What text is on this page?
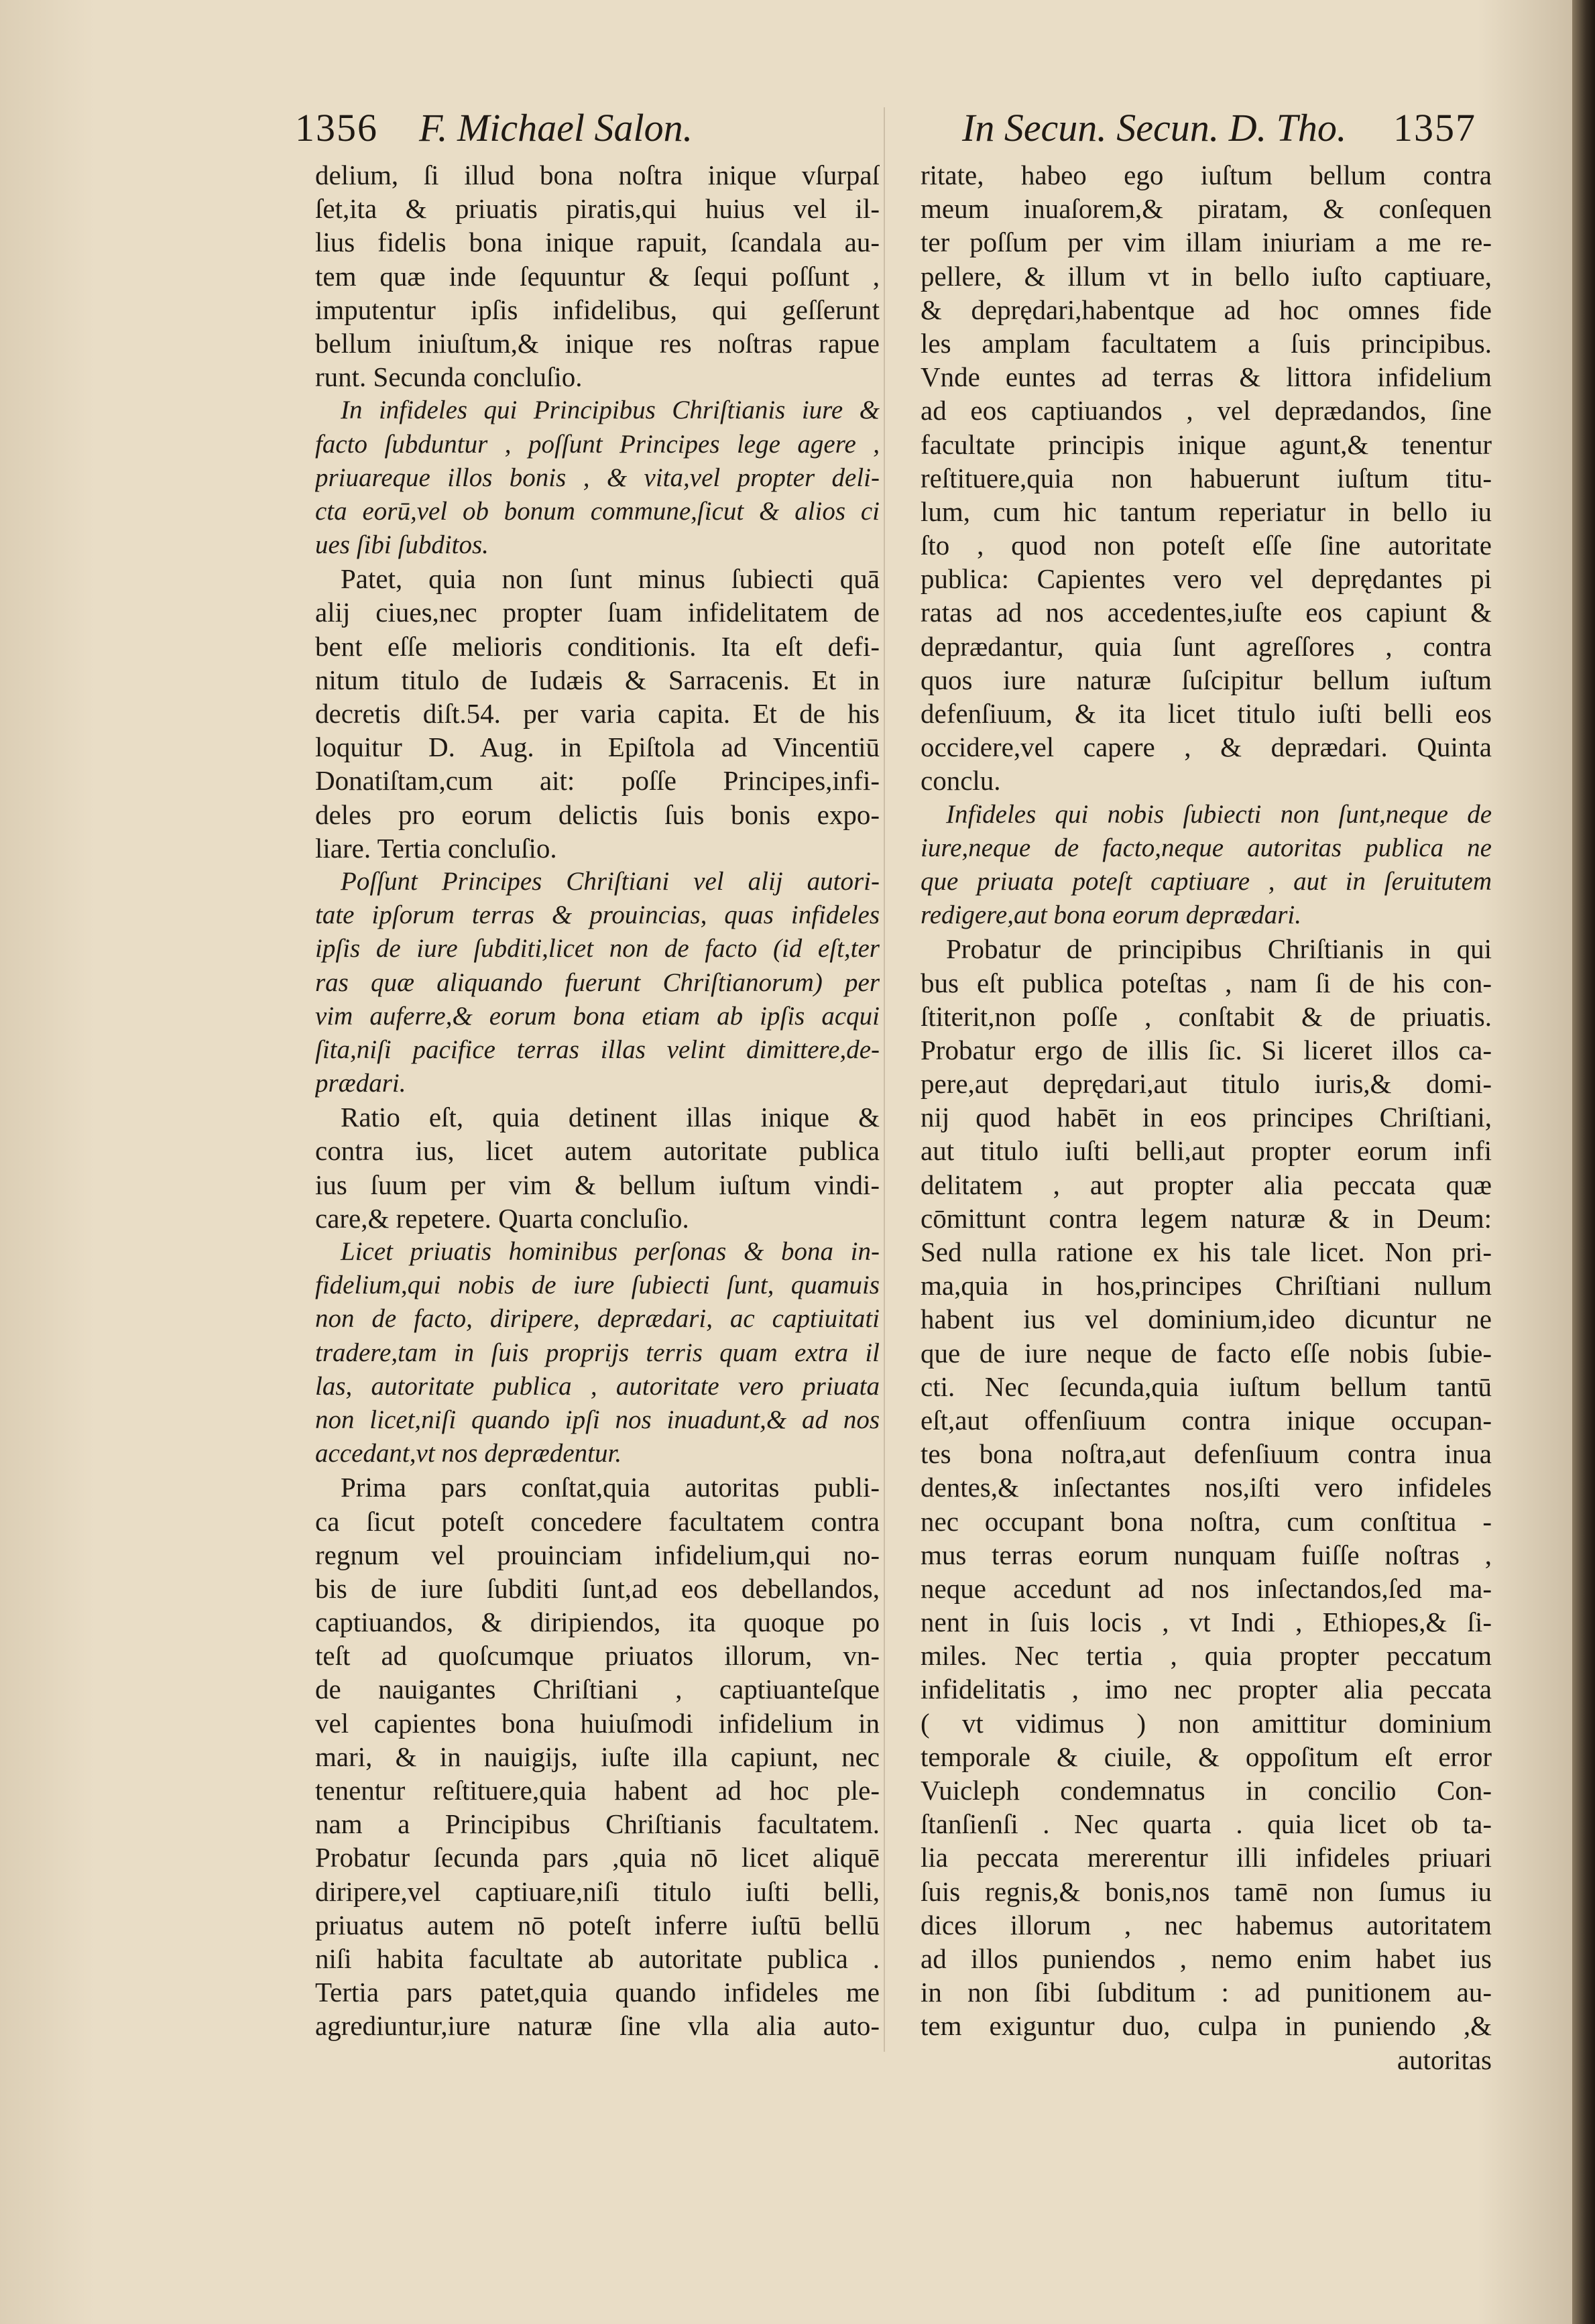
1356 F. Michael Salon.	In Secun. Secun. D. Tho. 1357
delium, ſi illud bona noſtra inique vſurpaſ
ſet,ita & priuatis piratis,qui huius vel il-
lius fidelis bona inique rapuit, ſcandala au-
tem quæ inde ſequuntur & ſequi poſſunt ,
imputentur ipſis infidelibus, qui geſſerunt
bellum iniuſtum,& inique res noſtras rapue
runt. Secunda concluſio.
In infideles qui Principibus Chriſtianis iure &
facto ſubduntur , poſſunt Principes lege agere ,
priuareque illos bonis , & vita,vel propter deli-
cta eorū,vel ob bonum commune,ſicut & alios ci
ues ſibi ſubditos.
Patet, quia non ſunt minus ſubiecti quā
alij ciues,nec propter ſuam infidelitatem de
bent eſſe melioris conditionis. Ita eſt defi-
nitum titulo de Iudæis & Sarracenis. Et in
decretis diſt.54. per varia capita. Et de his
loquitur D. Aug. in Epiſtola ad Vincentiū
Donatiſtam,cum ait: poſſe Principes,infi-
deles pro eorum delictis ſuis bonis expo-
liare. Tertia concluſio.
Poſſunt Principes Chriſtiani vel alij autori-
tate ipſorum terras & prouincias, quas infideles
ipſis de iure ſubditi,licet non de facto (id eſt,ter
ras quæ aliquando fuerunt Chriſtianorum) per
vim auferre,& eorum bona etiam ab ipſis acqui
ſita,niſi pacifice terras illas velint dimittere,de-
prædari.
Ratio eſt, quia detinent illas inique &
contra ius, licet autem autoritate publica
ius ſuum per vim & bellum iuſtum vindi-
care,& repetere. Quarta concluſio.
Licet priuatis hominibus perſonas & bona in-
fidelium,qui nobis de iure ſubiecti ſunt, quamuis
non de facto, diripere, deprædari, ac captiuitati
tradere,tam in ſuis proprijs terris quam extra il
las, autoritate publica , autoritate vero priuata
non licet,niſi quando ipſi nos inuadunt,& ad nos
accedant,vt nos deprædentur.
Prima pars conſtat,quia autoritas publi-
ca ſicut poteſt concedere facultatem contra
regnum vel prouinciam infidelium,qui no-
bis de iure ſubditi ſunt,ad eos debellandos,
captiuandos, & diripiendos, ita quoque po
teſt ad quoſcumque priuatos illorum, vn-
de nauigantes Chriſtiani , captiuanteſque
vel capientes bona huiuſmodi infidelium in
mari, & in nauigijs, iuſte illa capiunt, nec
tenentur reſtituere,quia habent ad hoc ple-
nam a Principibus Chriſtianis facultatem.
Probatur ſecunda pars ,quia nō licet aliquē
diripere,vel captiuare,niſi titulo iuſti belli,
priuatus autem nō poteſt inferre iuſtū bellū
niſi habita facultate ab autoritate publica .
Tertia pars patet,quia quando infideles me
agrediuntur,iure naturæ ſine vlla alia auto-
ritate, habeo ego iuſtum bellum contra
meum inuaſorem,& piratam, & conſequen
ter poſſum per vim illam iniuriam a me re-
pellere, & illum vt in bello iuſto captiuare,
& deprędari,habentque ad hoc omnes fide
les amplam facultatem a ſuis principibus.
Vnde euntes ad terras & littora infidelium
ad eos captiuandos , vel deprædandos, ſine
facultate principis inique agunt,& tenentur
reſtituere,quia non habuerunt iuſtum titu-
lum, cum hic tantum reperiatur in bello iu
ſto , quod non poteſt eſſe ſine autoritate
publica: Capientes vero vel deprędantes pi
ratas ad nos accedentes,iuſte eos capiunt &
deprædantur, quia ſunt agreſſores , contra
quos iure naturæ ſuſcipitur bellum iuſtum
defenſiuum, & ita licet titulo iuſti belli eos
occidere,vel capere , & deprædari. Quinta
conclu.
Infideles qui nobis ſubiecti non ſunt,neque de
iure,neque de facto,neque autoritas publica ne
que priuata poteſt captiuare , aut in ſeruitutem
redigere,aut bona eorum deprædari.
Probatur de principibus Chriſtianis in qui
bus eſt publica poteſtas , nam ſi de his con-
ſtiterit,non poſſe , conſtabit & de priuatis.
Probatur ergo de illis ſic. Si liceret illos ca-
pere,aut deprędari,aut titulo iuris,& domi-
nij quod habēt in eos principes Chriſtiani,
aut titulo iuſti belli,aut propter eorum infi
delitatem , aut propter alia peccata quæ
cōmittunt contra legem naturæ & in Deum:
Sed nulla ratione ex his tale licet. Non pri-
ma,quia in hos,principes Chriſtiani nullum
habent ius vel dominium,ideo dicuntur ne
que de iure neque de facto eſſe nobis ſubie-
cti. Nec ſecunda,quia iuſtum bellum tantū
eſt,aut offenſiuum contra inique occupan-
tes bona noſtra,aut defenſiuum contra inua
dentes,& inſectantes nos,iſti vero infideles
nec occupant bona noſtra, cum conſtitua -
mus terras eorum nunquam fuiſſe noſtras ,
neque accedunt ad nos inſectandos,ſed ma-
nent in ſuis locis , vt Indi , Ethiopes,& ſi-
miles. Nec tertia , quia propter peccatum
infidelitatis , imo nec propter alia peccata
( vt vidimus ) non amittitur dominium
temporale & ciuile, & oppoſitum eſt error
Vuicleph condemnatus in concilio Con-
ſtanſienſi . Nec quarta . quia licet ob ta-
lia peccata mererentur illi infideles priuari
ſuis regnis,& bonis,nos tamē non ſumus iu
dices illorum , nec habemus autoritatem
ad illos puniendos , nemo enim habet ius
in non ſibi ſubditum : ad punitionem au-
tem exiguntur duo, culpa in puniendo ,&
autoritas
